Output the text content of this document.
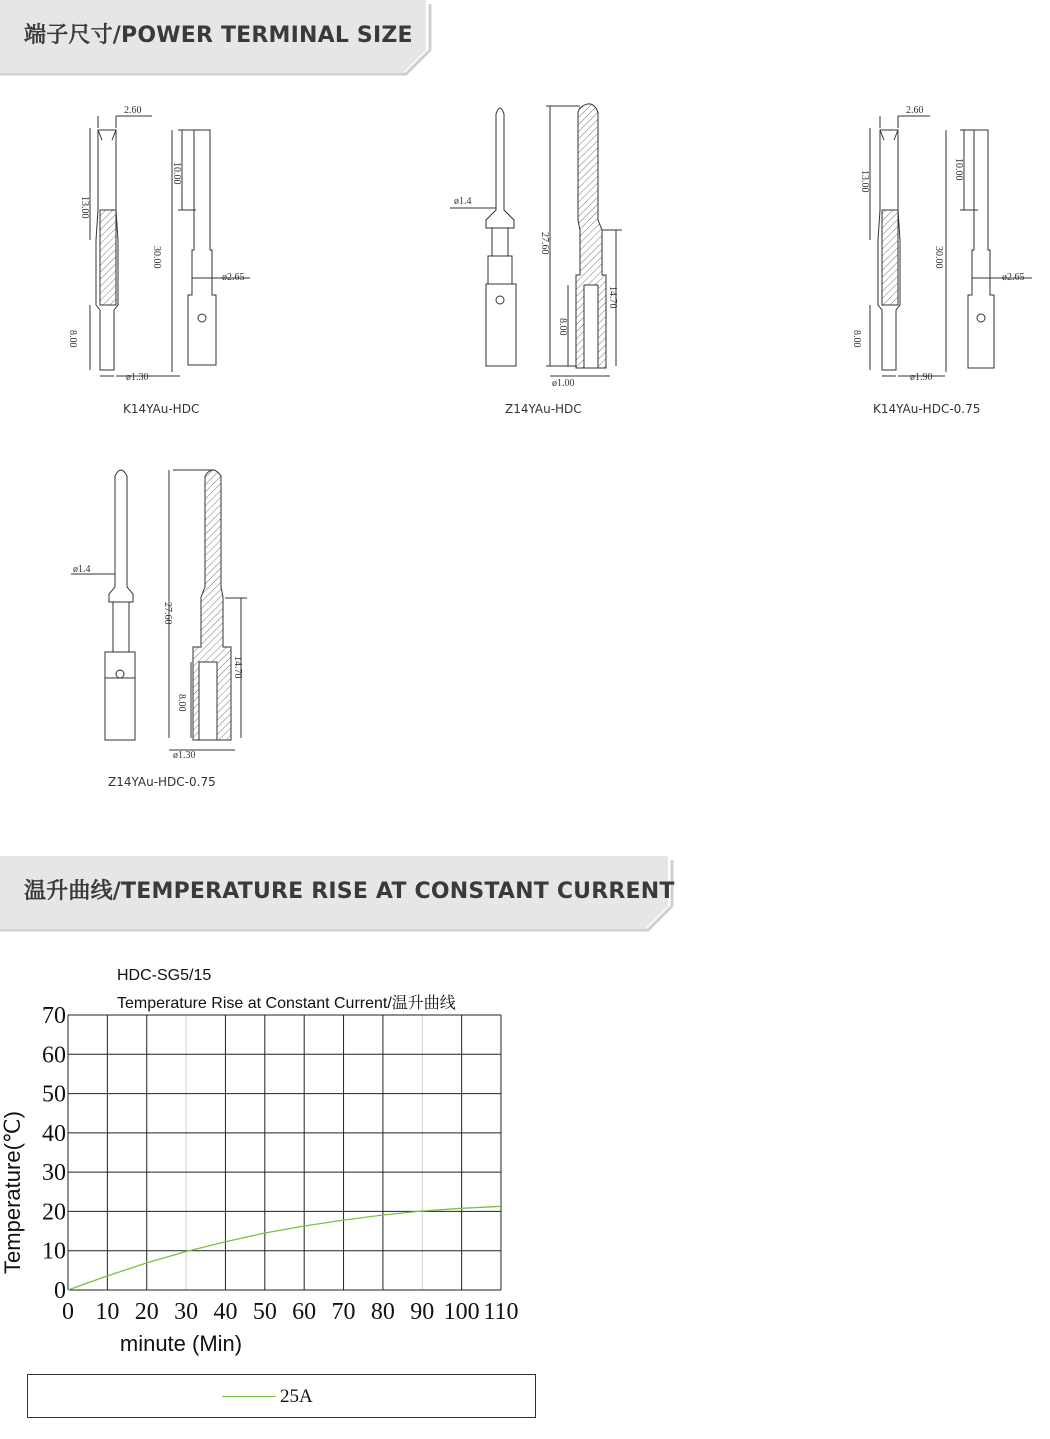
端子尺寸/POWER TERMINAL SIZE
2.60
13.00
10.00
30.00
ø2.65
8.00
ø1.30
K14YAu-HDC
ø1.4
27.60
8.00
14.70
ø1.00
Z14YAu-HDC
2.60
13.00
10.00
30.00
ø2.65
8.00
ø1.90
K14YAu-HDC-0.75
ø1.4
27.60
8.00
14.70
ø1.30
Z14YAu-HDC-0.75
温升曲线/TEMPERATURE RISE AT CONSTANT CURRENT
HDC-SG5/15
Temperature Rise at Constant Current/温升曲线
0
10
20
30
40
50
60
70
0 10 20 30 40 50 60 70 80 90 100 110
Temperature(℃)
minute (Min)
25A
